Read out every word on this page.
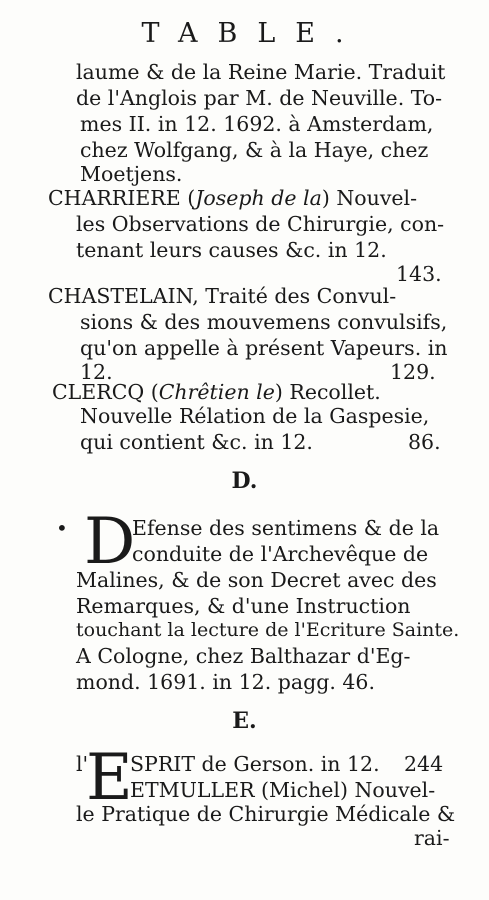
TABLE.
laume & de la Reine Marie. Traduit
de l'Anglois par M. de Neuville. To-
mes II. in 12. 1692. à Amsterdam,
chez Wolfgang, & à la Haye, chez
Moetjens.
CHARRIERE (Joseph de la) Nouvel-
les Observations de Chirurgie, con-
tenant leurs causes &c. in 12.
143.
CHASTELAIN, Traité des Convul-
sions & des mouvemens convulsifs,
qu'on appelle à présent Vapeurs. in
12.	129.
CLERCQ (Chrêtien le) Recollet.
Nouvelle Rélation de la Gaspesie,
qui contient &c. in 12.	86.
D.
• D
Efense des sentimens & de la
conduite de l'Archevêque de
Malines, & de son Decret avec des
Remarques, & d'une Instruction
touchant la lecture de l'Ecriture Sainte.
A Cologne, chez Balthazar d'Eg-
mond. 1691. in 12. pagg. 46.
E.
l'
E
SPRIT de Gerson. in 12. 244
ETMULLER (Michel) Nouvel-
le Pratique de Chirurgie Médicale &
rai-
